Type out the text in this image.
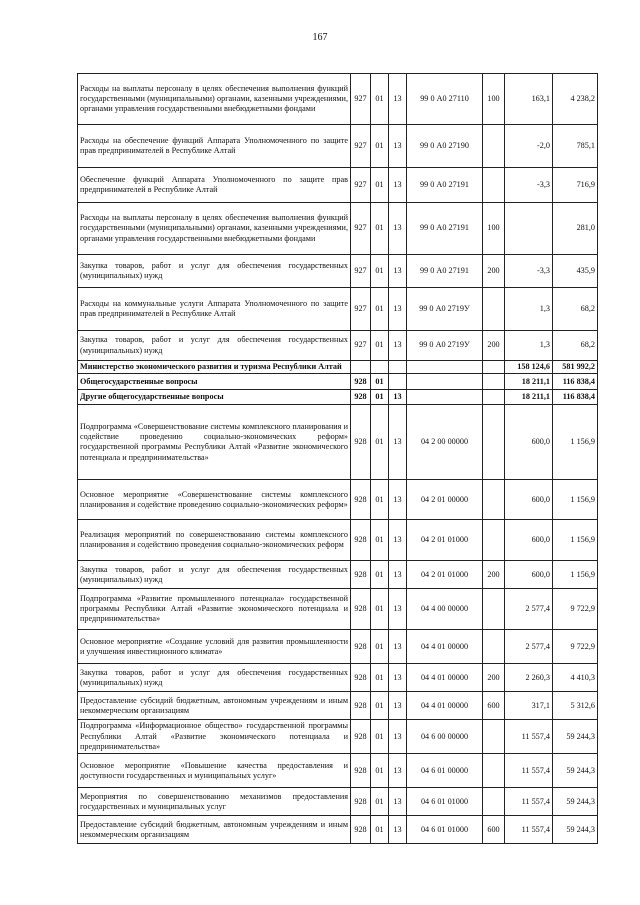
167
Расходы на выплаты персоналу в целях обеспечения выполнения функций государственными (муниципальными) органами, казенными учреждениями, органами управления государственными внебюджетными фондами	927	01	13	99 0 А0 27110	100	163,1	4 238,2
Расходы на обеспечение функций Аппарата Уполномоченного по защите прав предпринимателей в Республике Алтай	927	01	13	99 0 А0 27190		-2,0	785,1
Обеспечение функций Аппарата Уполномоченного по защите прав предпринимателей в Республике Алтай	927	01	13	99 0 А0 27191		-3,3	716,9
Расходы на выплаты персоналу в целях обеспечения выполнения функций государственными (муниципальными) органами, казенными учреждениями, органами управления государственными внебюджетными фондами	927	01	13	99 0 А0 27191	100		281,0
Закупка товаров, работ и услуг для обеспечения государственных (муниципальных) нужд	927	01	13	99 0 А0 27191	200	-3,3	435,9
Расходы на коммунальные услуги Аппарата Уполномоченного по защите прав предпринимателей в Республике Алтай	927	01	13	99 0 А0 2719У		1,3	68,2
Закупка товаров, работ и услуг для обеспечения государственных (муниципальных) нужд	927	01	13	99 0 А0 2719У	200	1,3	68,2
Министерство экономического развития и туризма Республики Алтай						158 124,6	581 992,2
Общегосударственные вопросы	928	01				18 211,1	116 838,4
Другие общегосударственные вопросы	928	01	13			18 211,1	116 838,4
Подпрограмма «Совершенствование системы комплексного планирования и содействие проведению социально-экономических реформ» государственной программы Республики Алтай «Развитие экономического потенциала и предпринимательства»	928	01	13	04 2 00 00000		600,0	1 156,9
Основное мероприятие «Совершенствование системы комплексного планирования и содействие проведению социально-экономических реформ»	928	01	13	04 2 01 00000		600,0	1 156,9
Реализация мероприятий по совершенствованию системы комплексного планирования и содействию проведения социально-экономических реформ	928	01	13	04 2 01 01000		600,0	1 156,9
Закупка товаров, работ и услуг для обеспечения государственных (муниципальных) нужд	928	01	13	04 2 01 01000	200	600,0	1 156,9
Подпрограмма «Развитие промышленного потенциала» государственной программы Республики Алтай «Развитие экономического потенциала и предпринимательства»	928	01	13	04 4 00 00000		2 577,4	9 722,9
Основное мероприятие «Создание условий для развития промышленности и улучшения инвестиционного климата»	928	01	13	04 4 01 00000		2 577,4	9 722,9
Закупка товаров, работ и услуг для обеспечения государственных (муниципальных) нужд	928	01	13	04 4 01 00000	200	2 260,3	4 410,3
Предоставление субсидий бюджетным, автономным учреждениям и иным некоммерческим организациям	928	01	13	04 4 01 00000	600	317,1	5 312,6
Подпрограмма «Информационное общество» государственной программы Республики Алтай «Развитие экономического потенциала и предпринимательства»	928	01	13	04 6 00 00000		11 557,4	59 244,3
Основное мероприятие «Повышение качества предоставления и доступности государственных и муниципальных услуг»	928	01	13	04 6 01 00000		11 557,4	59 244,3
Мероприятия по совершенствованию механизмов предоставления государственных и муниципальных услуг	928	01	13	04 6 01 01000		11 557,4	59 244,3
Предоставление субсидий бюджетным, автономным учреждениям и иным некоммерческим организациям	928	01	13	04 6 01 01000	600	11 557,4	59 244,3
